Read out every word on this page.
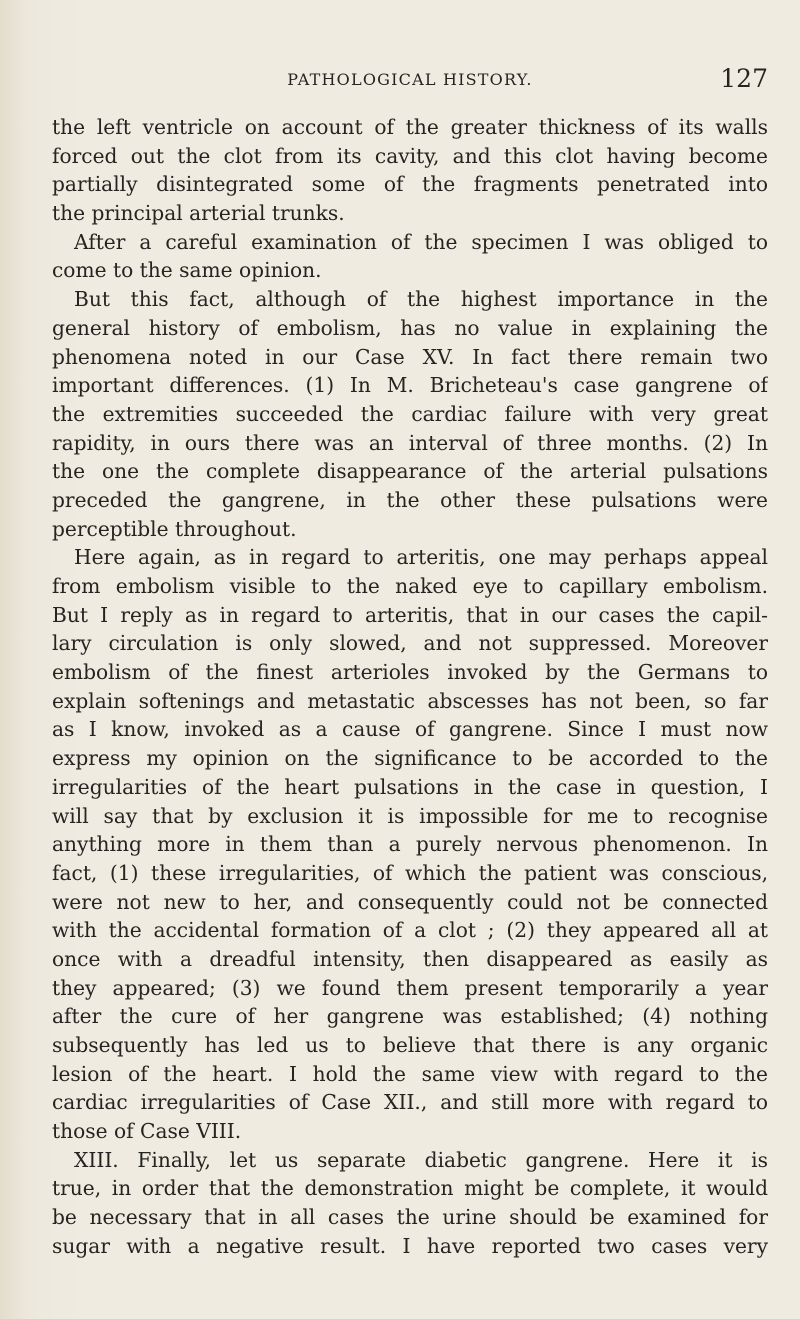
PATHOLOGICAL HISTORY.	127
the left ventricle on account of the greater thickness of its walls
forced out the clot from its cavity, and this clot having become
partially disintegrated some of the fragments penetrated into
the principal arterial trunks.
After a careful examination of the specimen I was obliged to
come to the same opinion.
But this fact, although of the highest importance in the
general history of embolism, has no value in explaining the
phenomena noted in our Case XV. In fact there remain two
important differences. (1) In M. Bricheteau's case gangrene of
the extremities succeeded the cardiac failure with very great
rapidity, in ours there was an interval of three months. (2) In
the one the complete disappearance of the arterial pulsations
preceded the gangrene, in the other these pulsations were
perceptible throughout.
Here again, as in regard to arteritis, one may perhaps appeal
from embolism visible to the naked eye to capillary embolism.
But I reply as in regard to arteritis, that in our cases the capil-
lary circulation is only slowed, and not suppressed. Moreover
embolism of the finest arterioles invoked by the Germans to
explain softenings and metastatic abscesses has not been, so far
as I know, invoked as a cause of gangrene. Since I must now
express my opinion on the significance to be accorded to the
irregularities of the heart pulsations in the case in question, I
will say that by exclusion it is impossible for me to recognise
anything more in them than a purely nervous phenomenon. In
fact, (1) these irregularities, of which the patient was conscious,
were not new to her, and consequently could not be connected
with the accidental formation of a clot ; (2) they appeared all at
once with a dreadful intensity, then disappeared as easily as
they appeared; (3) we found them present temporarily a year
after the cure of her gangrene was established; (4) nothing
subsequently has led us to believe that there is any organic
lesion of the heart. I hold the same view with regard to the
cardiac irregularities of Case XII., and still more with regard to
those of Case VIII.
XIII. Finally, let us separate diabetic gangrene. Here it is
true, in order that the demonstration might be complete, it would
be necessary that in all cases the urine should be examined for
sugar with a negative result. I have reported two cases very
